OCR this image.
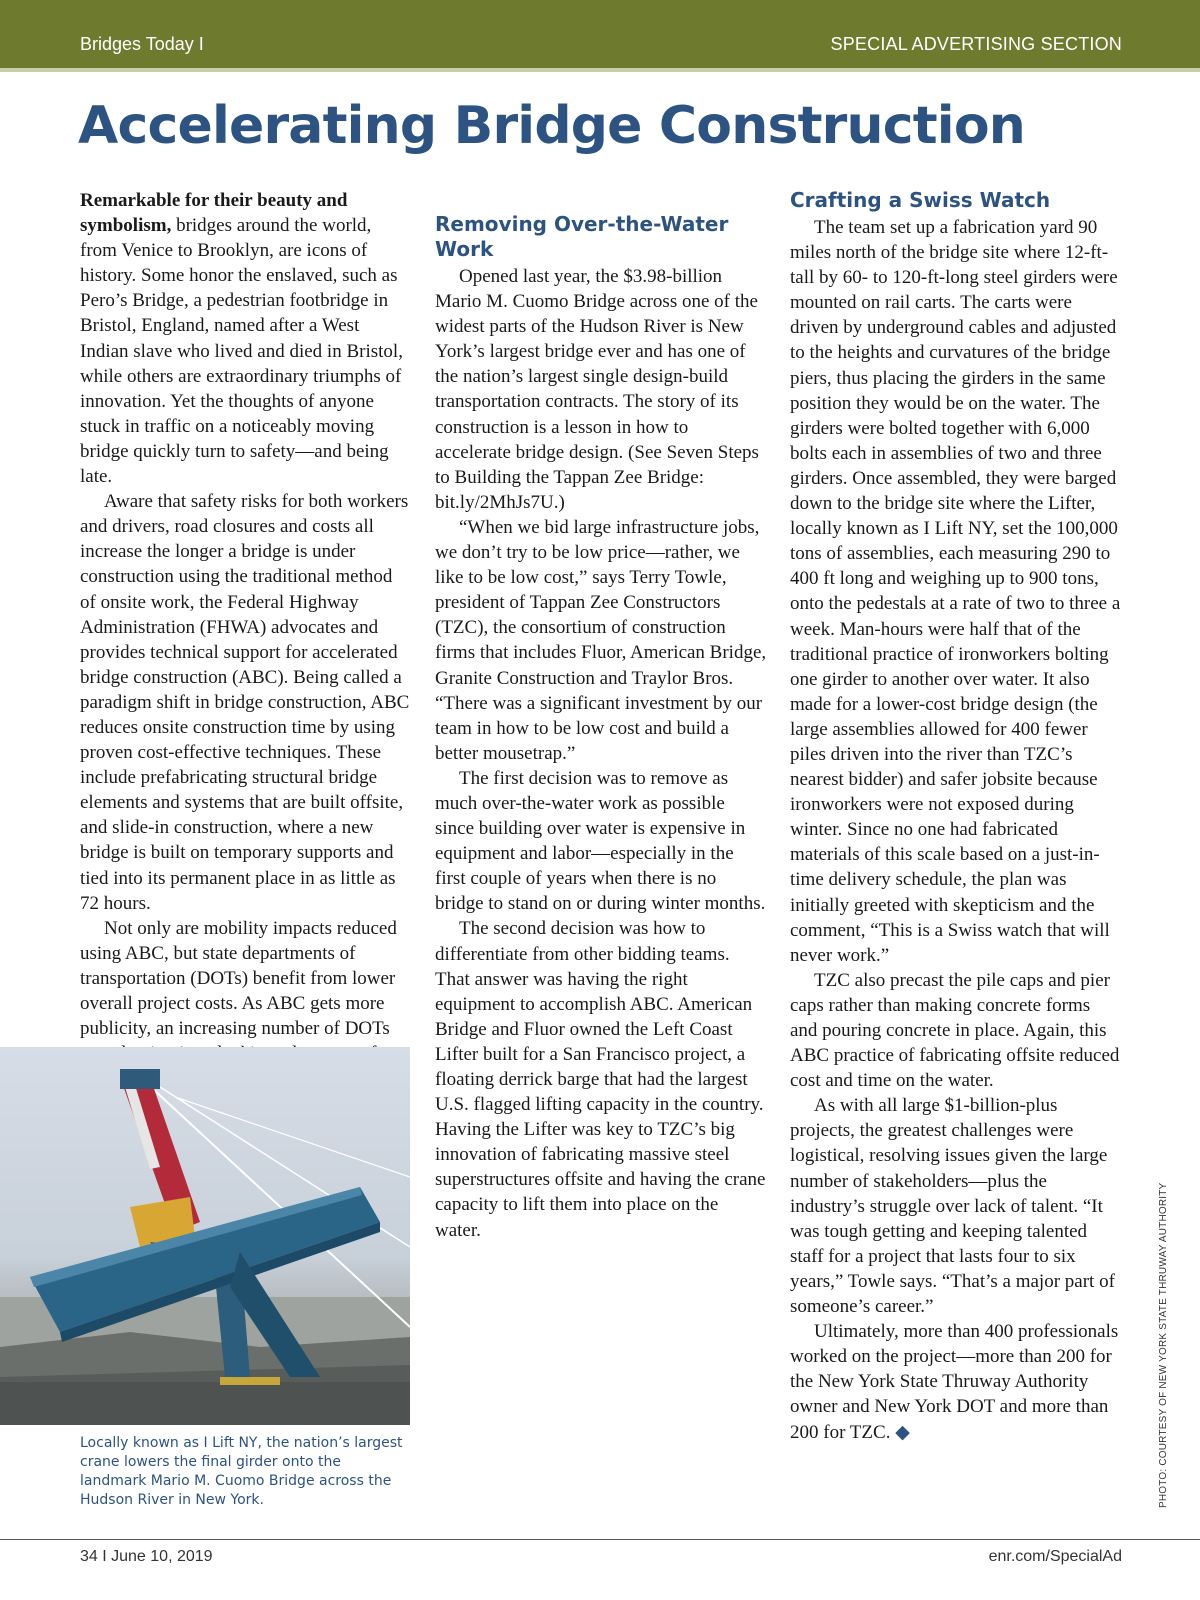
Bridges Today I	SPECIAL ADVERTISING SECTION
Accelerating Bridge Construction

Remarkable for their beauty and symbolism, bridges around the world, from Venice to Brooklyn, are icons of history. Some honor the enslaved, such as Pero’s Bridge, a pedestrian footbridge in Bristol, England, named after a West Indian slave who lived and died in Bristol, while others are extraordinary triumphs of innovation. Yet the thoughts of anyone stuck in traffic on a noticeably moving bridge quickly turn to safety—and being late.

Aware that safety risks for both workers and drivers, road closures and costs all increase the longer a bridge is under construction using the traditional method of onsite work, the Federal Highway Administration (FHWA) advocates and provides technical support for accelerated bridge construction (ABC). Being called a paradigm shift in bridge construction, ABC reduces onsite construction time by using proven cost-effective techniques. These include prefabricating structural bridge elements and systems that are built offsite, and slide-in construction, where a new bridge is built on temporary supports and tied into its permanent place in as little as 72 hours.

Not only are mobility impacts reduced using ABC, but state departments of transportation (DOTs) benefit from lower overall project costs. As ABC gets more publicity, an increasing number of DOTs

Removing Over-the-Water Work

Opened last year, the $3.98-billion Mario M. Cuomo Bridge across one of the widest parts of the Hudson River is New York’s largest bridge ever and has one of the nation’s largest single design-build transportation contracts. The story of its construction is a lesson in how to accelerate bridge design. (See Seven Steps to Building the Tappan Zee Bridge: bit.ly/2MhJs7U.)

“When we bid large infrastructure jobs, we don’t try to be low price—rather, we like to be low cost,” says Terry Towle, president of Tappan Zee Constructors (TZC), the consortium of construction firms that includes Fluor, American Bridge, Granite Construction and Traylor Bros. “There was a significant investment by our team in how to be low cost and build a better mousetrap.”

The first decision was to remove as much over-the-water work as possible since building over water is expensive in equipment and labor—especially in the first couple of years when there is no bridge to stand on or during winter months.

The second decision was how to differentiate from other bidding teams. That answer was having the right equipment to accomplish ABC. American Bridge and Fluor owned the Left Coast Lifter built for a San Francisco project, a floating derrick barge that had the largest U.S. flagged lifting capacity in the country. Having the Lifter was key to TZC’s big innovation of fabricating massive steel superstructures offsite and having the crane capacity to lift them into place on the water.

Crafting a Swiss Watch

The team set up a fabrication yard 90 miles north of the bridge site where 12-ft-tall by 60- to 120-ft-long steel girders were mounted on rail carts. The carts were driven by underground cables and adjusted to the heights and curvatures of the bridge piers, thus placing the girders in the same position they would be on the water. The girders were bolted together with 6,000 bolts each in assemblies of two and three girders. Once assembled, they were barged down to the bridge site where the Lifter, locally known as I Lift NY, set the 100,000 tons of assemblies, each measuring 290 to 400 ft long and weighing up to 900 tons, onto the pedestals at a rate of two to three a week. Man-hours were half that of the traditional practice of ironworkers bolting one girder to another over water. It also made for a lower-cost bridge design (the large assemblies allowed for 400 fewer piles driven into the river than TZC’s nearest bidder) and safer jobsite because ironworkers were not exposed during winter. Since no one had fabricated materials of this scale based on a just-in-time delivery schedule, the plan was initially greeted with skepticism and the comment, “This is a Swiss watch that will never work.”

TZC also precast the pile caps and pier caps rather than making concrete forms and pouring concrete in place. Again, this ABC practice of fabricating offsite reduced cost and time on the water.

As with all large $1-billion-plus projects, the greatest challenges were logistical, resolving issues given the large number of stakeholders—plus the industry’s struggle over lack of talent. “It was tough getting and keeping talented staff for a project that lasts four to six years,” Towle says. “That’s a major part of someone’s career.”

Ultimately, more than 400 professionals worked on the project—more than 200 for the New York State Thruway Authority owner and New York DOT and more than 200 for TZC. ◆

Locally known as I Lift NY, the nation’s largest crane lowers the final girder onto the landmark Mario M. Cuomo Bridge across the Hudson River in New York.	PHOTO: COURTESY OF NEW YORK STATE THRUWAY AUTHORITY
34 I June 10, 2019	enr.com/SpecialAd
